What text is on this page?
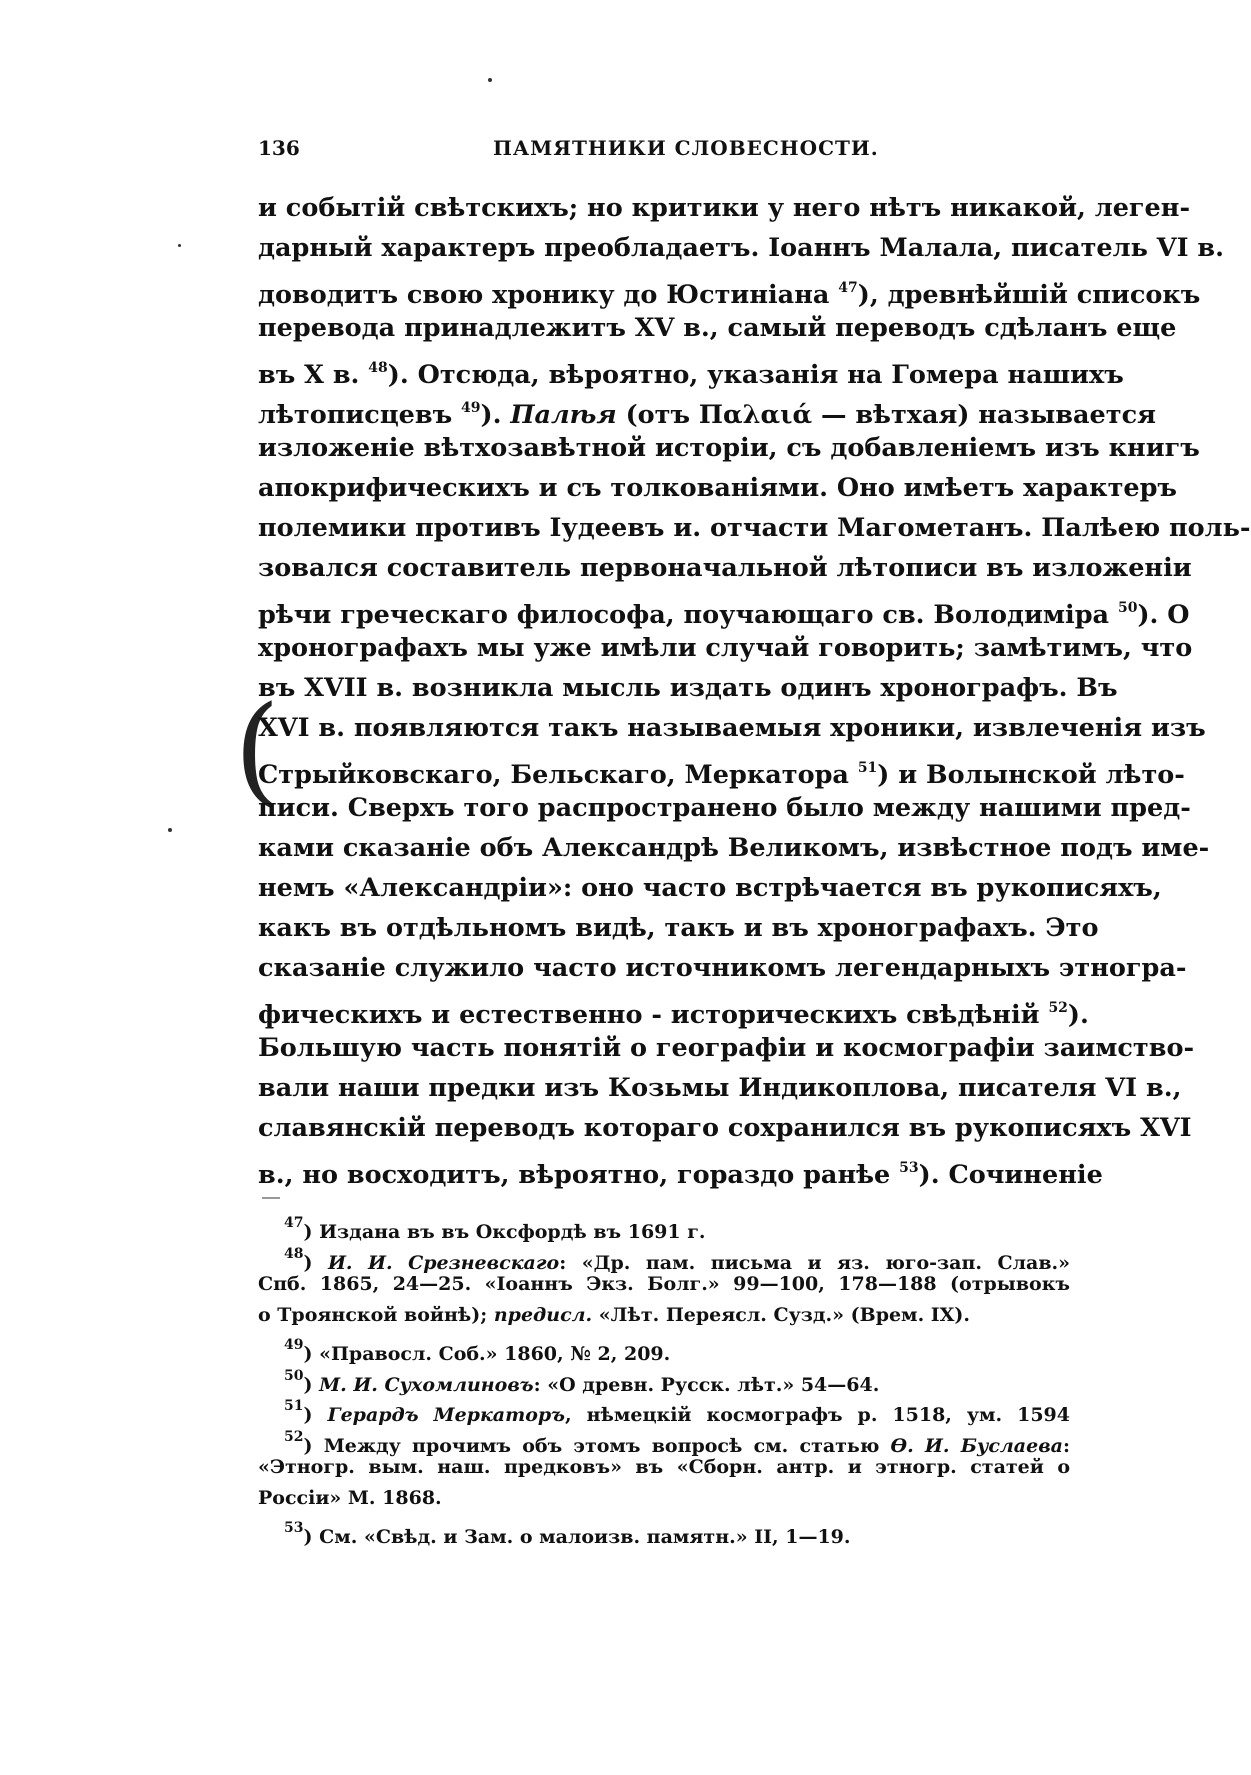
136	ПАМЯТНИКИ СЛОВЕСНОСТИ.
(
и событій свѣтскихъ; но критики у него нѣтъ никакой, леген-
дарный характеръ преобладаетъ. Іоаннъ Малала, писатель VI в.
доводитъ свою хронику до Юстиніана $^{47}$), древнѣйшій списокъ
перевода принадлежитъ XV в., самый переводъ сдѣланъ еще
въ X в. $^{48}$). Отсюда, вѣроятно, указанія на Гомера нашихъ
лѣтописцевъ $^{49}$). Палѣя (отъ Παλαιά — вѣтхая) называется
изложеніе вѣтхозавѣтной исторіи, съ добавленіемъ изъ книгъ
апокрифическихъ и съ толкованіями. Оно имѣетъ характеръ
полемики противъ Іудеевъ и. отчасти Магометанъ. Палѣею поль-
зовался составитель первоначальной лѣтописи въ изложеніи
рѣчи греческаго философа, поучающаго св. Володиміра $^{50}$). О
хронографахъ мы уже имѣли случай говорить; замѣтимъ, что
въ XVII в. возникла мысль издать одинъ хронографъ. Въ
XVI в. появляются такъ называемыя хроники, извлеченія изъ
Стрыйковскаго, Бельскаго, Меркатора $^{51}$) и Волынской лѣто-
писи. Сверхъ того распространено было между нашими пред-
ками сказаніе объ Александрѣ Великомъ, извѣстное подъ име-
немъ «Александріи»: оно часто встрѣчается въ рукописяхъ,
какъ въ отдѣльномъ видѣ, такъ и въ хронографахъ. Это
сказаніе служило часто источникомъ легендарныхъ этногра-
фическихъ и естественно - историческихъ свѣдѣній $^{52}$).
Большую часть понятій о географіи и космографіи заимство-
вали наши предки изъ Козьмы Индикоплова, писателя VI в.,
славянскій переводъ котораго сохранился въ рукописяхъ XVI
в., но восходитъ, вѣроятно, гораздо ранѣе $^{53}$). Сочиненіе
$^{47}$) Издана въ въ Оксфордѣ въ 1691 г.
$^{48}$) И. И. Срезневскаго: «Др. пам. письма и яз. юго-зап. Слав.»
Спб. 1865, 24—25. «Іоаннъ Экз. Болг.» 99—100, 178—188 (отрывокъ
о Троянской войнѣ); предисл. «Лѣт. Переясл. Сузд.» (Врем. IX).
$^{49}$) «Правосл. Соб.» 1860, № 2, 209.
$^{50}$) М. И. Сухомлиновъ: «О древн. Русск. лѣт.» 54—64.
$^{51}$) Герардъ Меркаторъ, нѣмецкій космографъ р. 1518, ум. 1594
$^{52}$) Между прочимъ объ этомъ вопросѣ см. статью Ѳ. И. Буслаева:
«Этногр. вым. наш. предковъ» въ «Сборн. антр. и этногр. статей о
Россіи» М. 1868.
$^{53}$) См. «Свѣд. и Зам. о малоизв. памятн.» II, 1—19.
